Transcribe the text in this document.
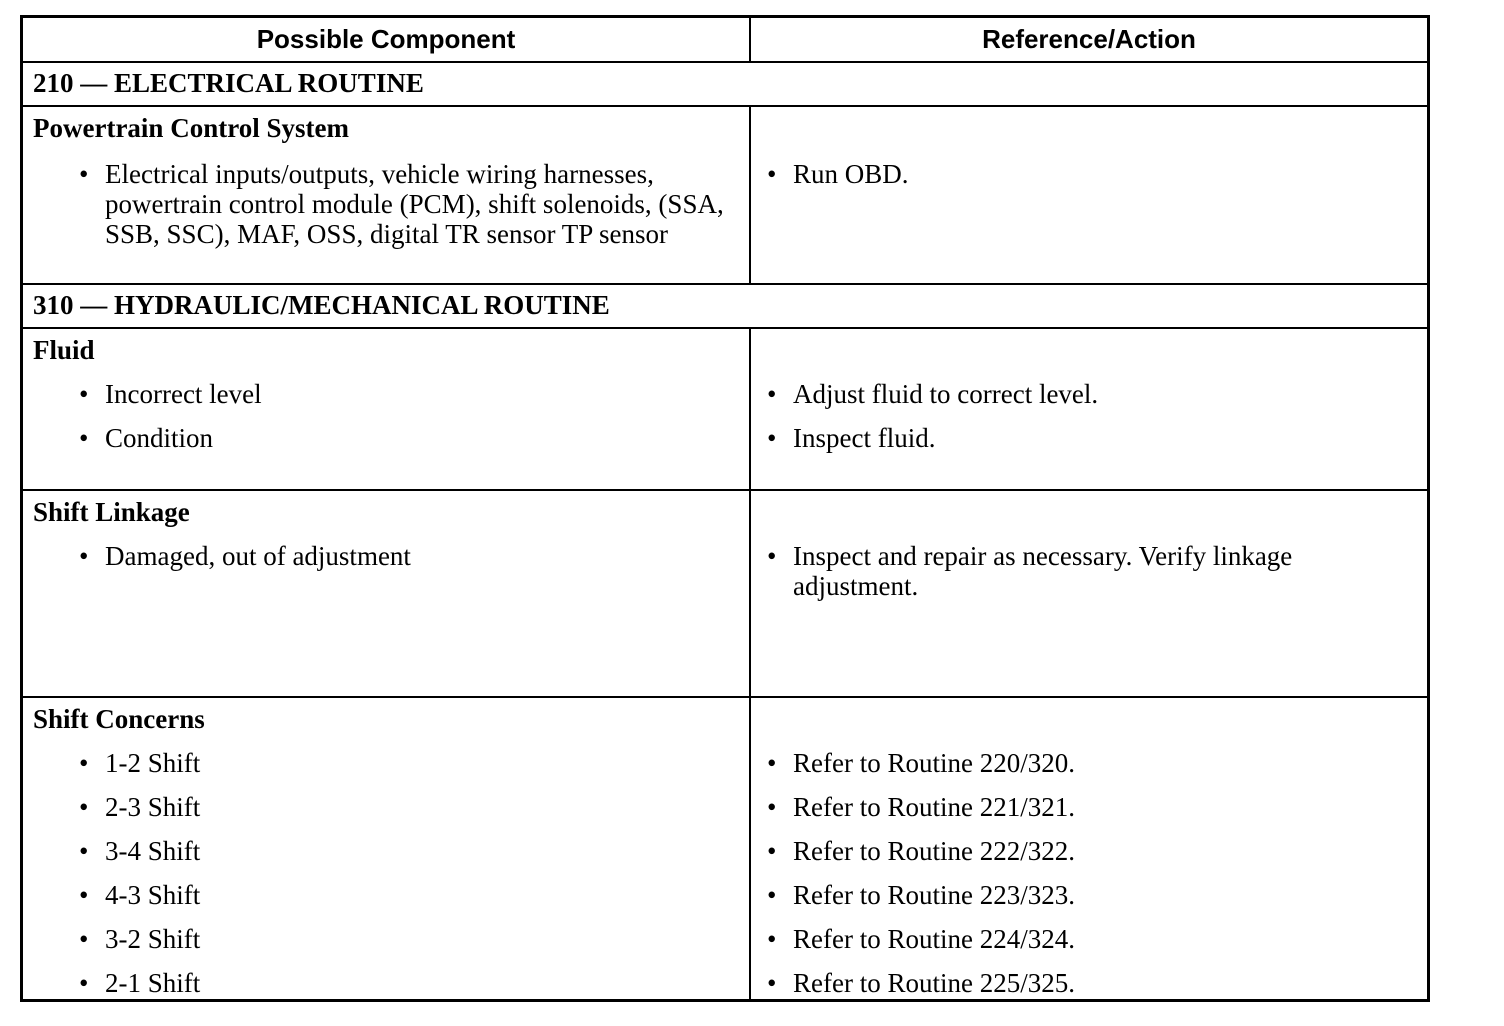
Possible Component	Reference/Action
210 — ELECTRICAL ROUTINE
Powertrain Control System
• Electrical inputs/outputs, vehicle wiring harnesses, powertrain control module (PCM), shift solenoids, (SSA, SSB, SSC), MAF, OSS, digital TR sensor TP sensor
• Run OBD.
310 — HYDRAULIC/MECHANICAL ROUTINE
Fluid
• Incorrect level
• Condition
• Adjust fluid to correct level.
• Inspect fluid.
Shift Linkage
• Damaged, out of adjustment	• Inspect and repair as necessary. Verify linkage adjustment.
Shift Concerns
• 1-2 Shift
• 2-3 Shift
• 3-4 Shift
• 4-3 Shift
• 3-2 Shift
• 2-1 Shift
• Refer to Routine 220/320.
• Refer to Routine 221/321.
• Refer to Routine 222/322.
• Refer to Routine 223/323.
• Refer to Routine 224/324.
• Refer to Routine 225/325.
